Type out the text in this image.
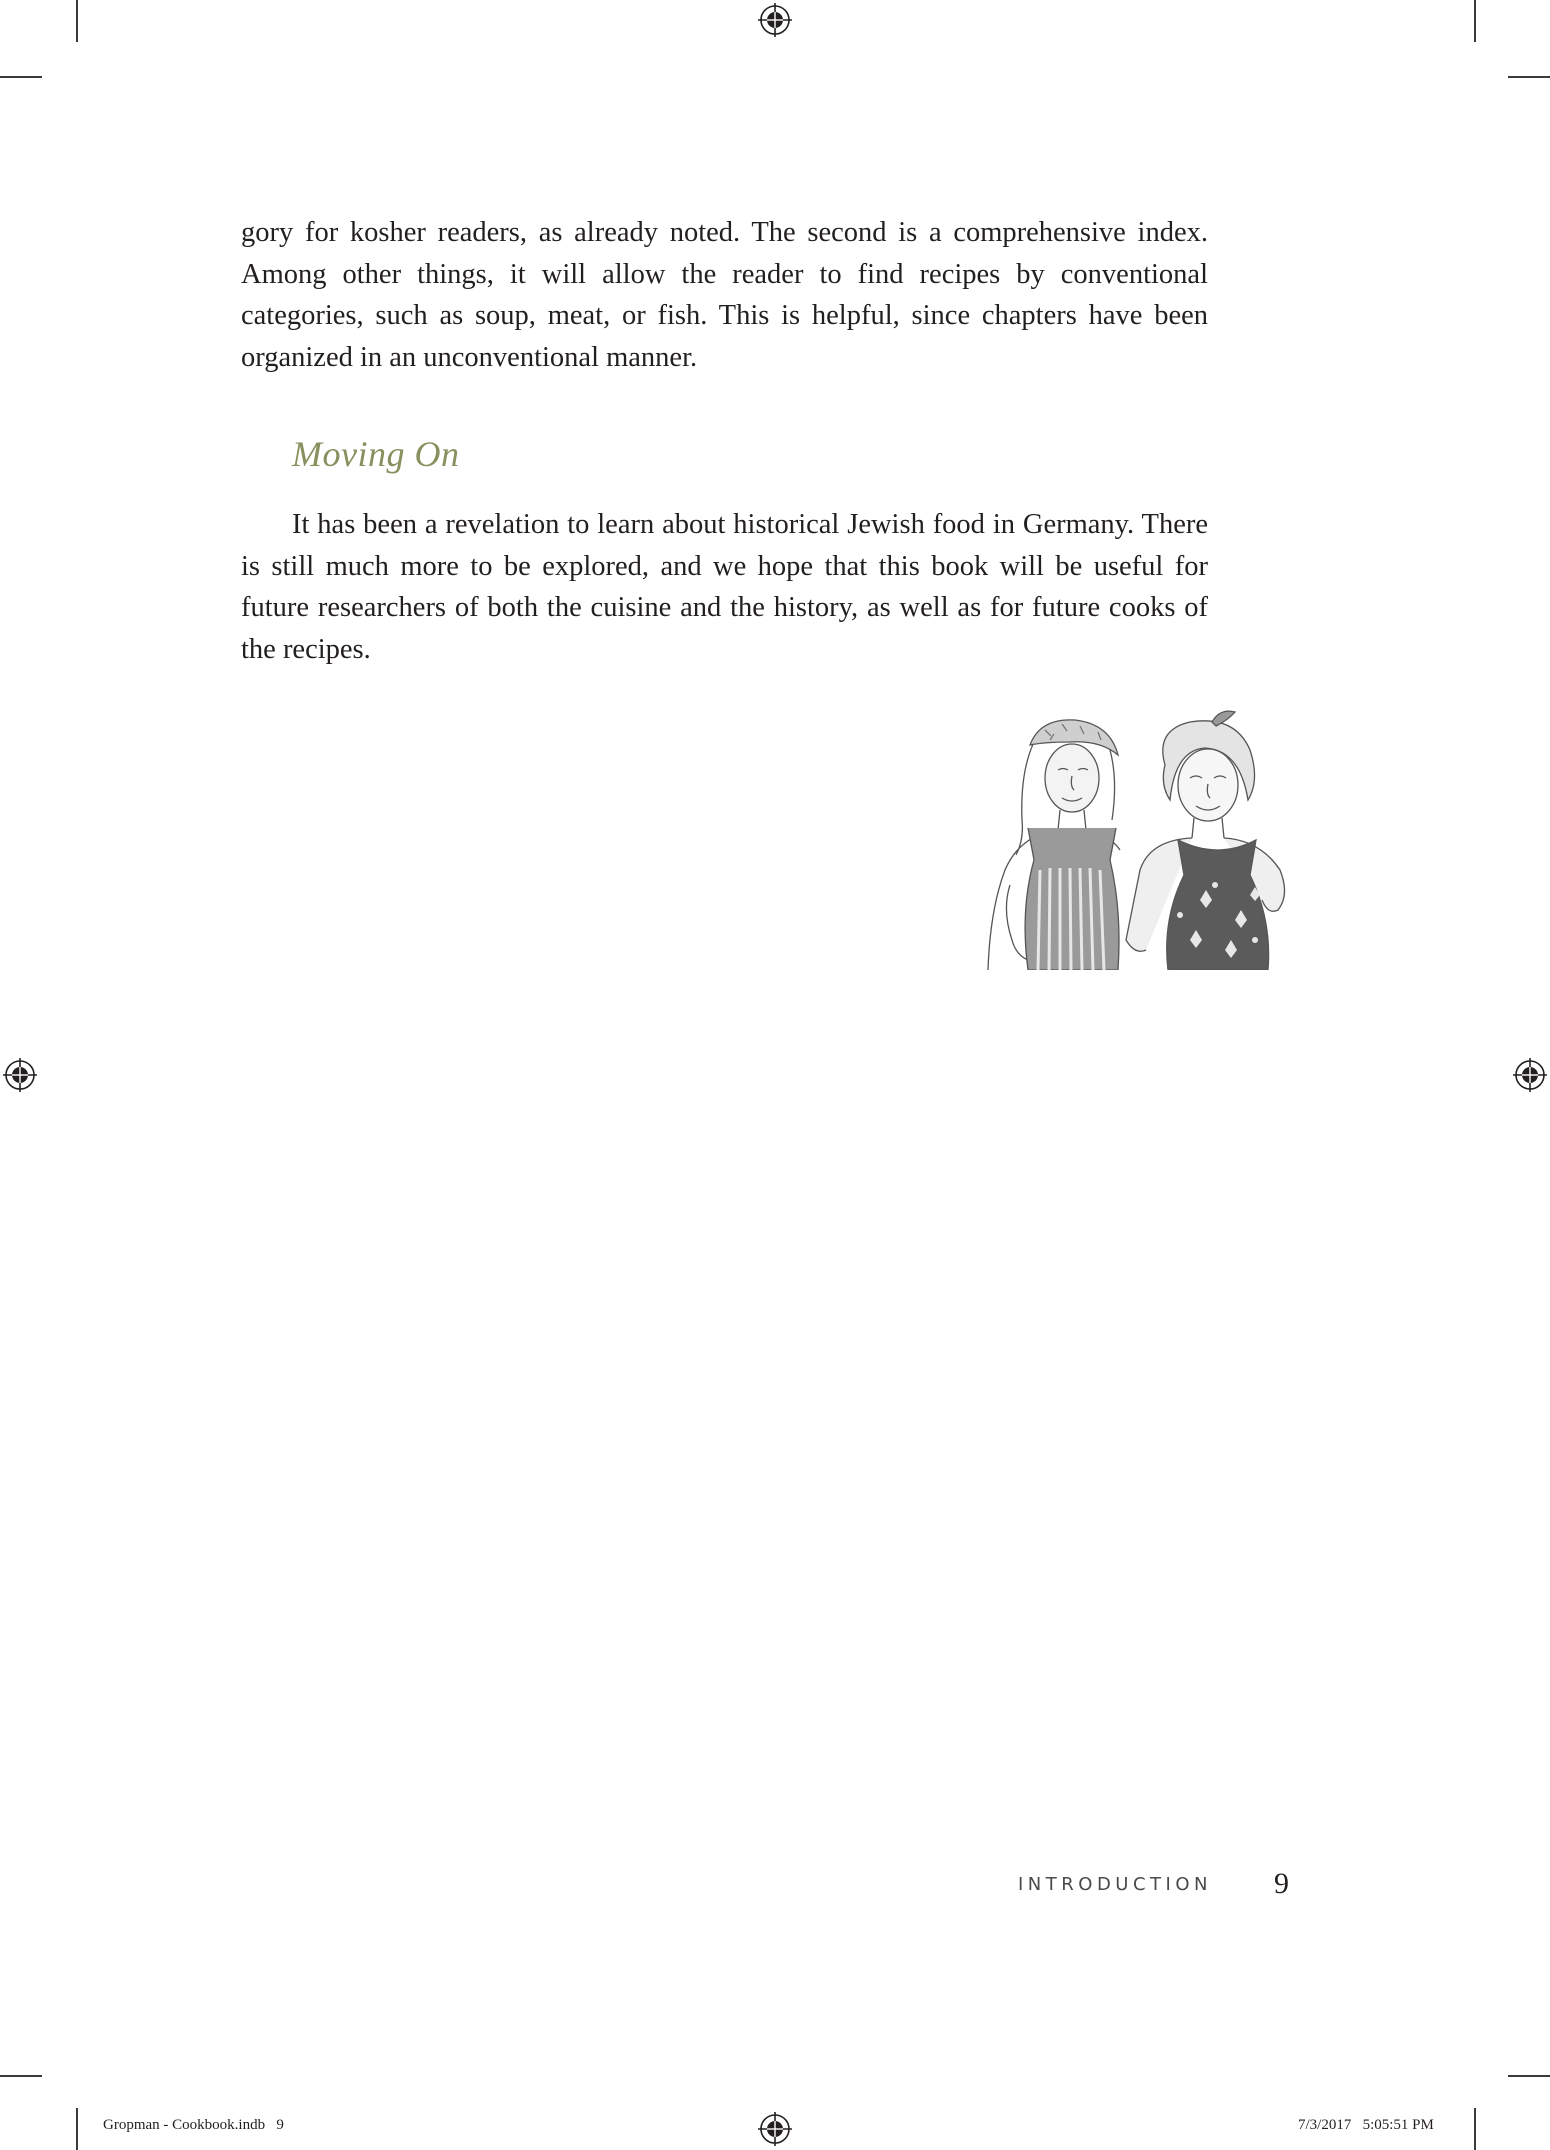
gory for kosher readers, as already noted. The second is a comprehensive index. Among other things, it will allow the reader to find recipes by conventional categories, such as soup, meat, or fish. This is helpful, since chapters have been organized in an unconventional manner.

Moving On

It has been a revelation to learn about historical Jewish food in Germany. There is still much more to be explored, and we hope that this book will be useful for future researchers of both the cuisine and the history, as well as for future cooks of the recipes.

INTRODUCTION 9
Gropman - Cookbook.indb   9	7/3/2017   5:05:51 PM
